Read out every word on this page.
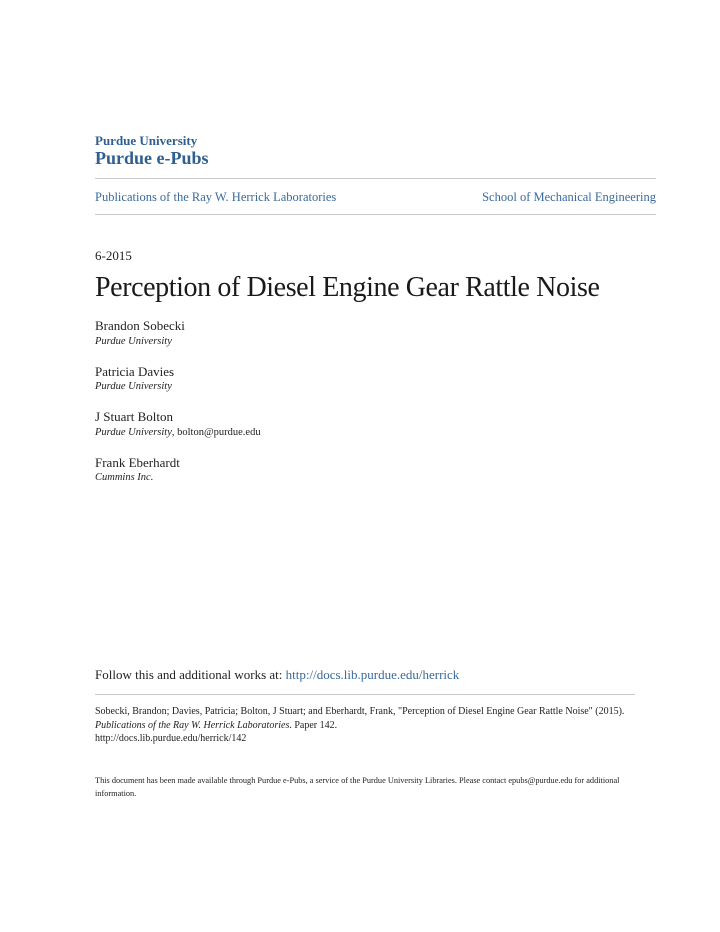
Purdue University
Purdue e-Pubs
Publications of the Ray W. Herrick Laboratories	School of Mechanical Engineering
6-2015
Perception of Diesel Engine Gear Rattle Noise
Brandon Sobecki
Purdue University
Patricia Davies
Purdue University
J Stuart Bolton
Purdue University, bolton@purdue.edu
Frank Eberhardt
Cummins Inc.
Follow this and additional works at: http://docs.lib.purdue.edu/herrick
Sobecki, Brandon; Davies, Patricia; Bolton, J Stuart; and Eberhardt, Frank, "Perception of Diesel Engine Gear Rattle Noise" (2015).
Publications of the Ray W. Herrick Laboratories. Paper 142.
http://docs.lib.purdue.edu/herrick/142
This document has been made available through Purdue e-Pubs, a service of the Purdue University Libraries. Please contact epubs@purdue.edu for additional information.
